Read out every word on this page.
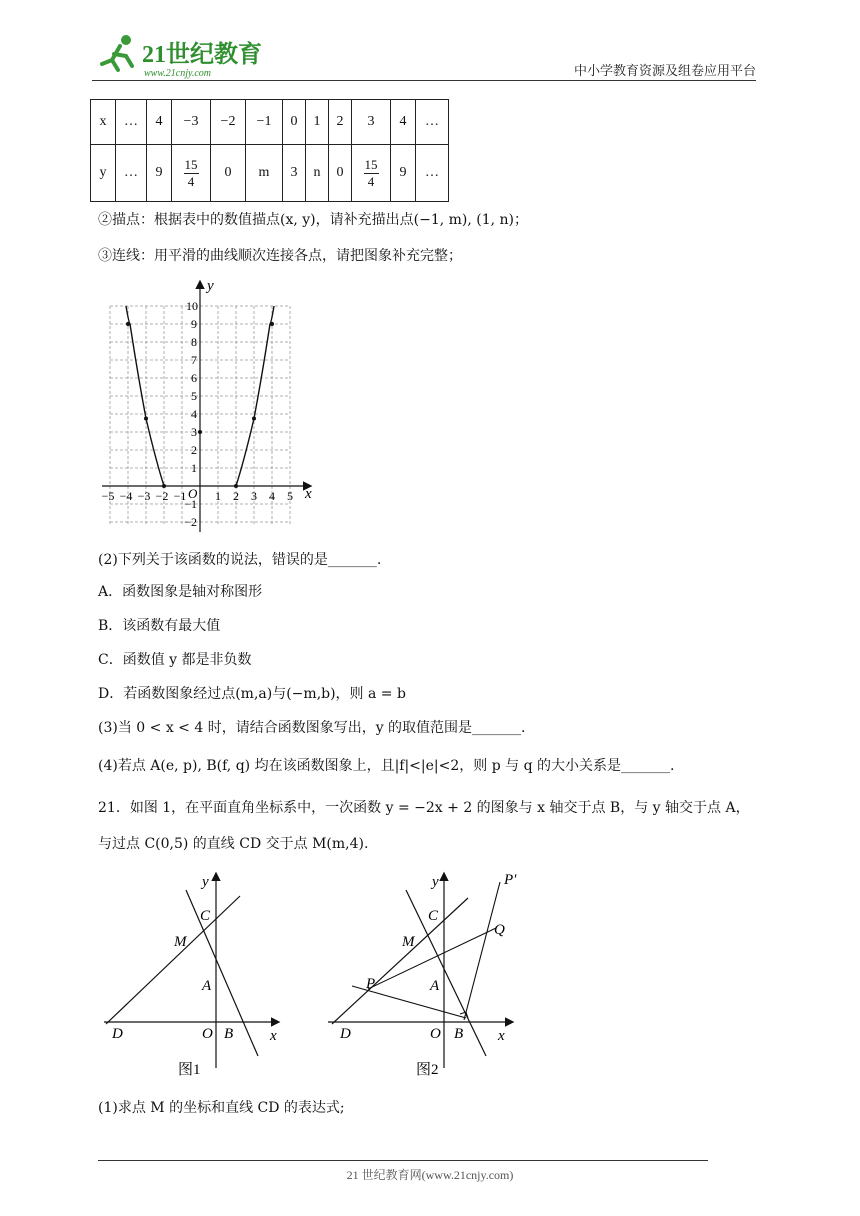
21世纪教育
www.21cnjy.com	中小学教育资源及组卷应用平台
x	…	4	−3	−2	−1	0	1	2	3	4	…
y	…	9	$\frac{15}{4}$	0	m	3	n	0	$\frac{15}{4}$	9	…
②描点：根据表中的数值描点(x, y)，请补充描出点(−1, m), (1, n)；
③连线：用平滑的曲线顺次连接各点，请把图象补充完整；
x
y
O
−5 −4 −3 −2 −1 1 2 3 4 5
10
9
8
7
6
5
4
3
2
1
−1
−2
(2)下列关于该函数的说法，错误的是_______.
A．函数图象是轴对称图形
B．该函数有最大值
C．函数值 y 都是非负数
D．若函数图象经过点(m,a)与(−m,b)，则 a = b
(3)当 0 < x < 4 时，请结合函数图象写出，y 的取值范围是_______.
(4)若点 A(e, p), B(f, q) 均在该函数图象上，且|f|<|e|<2，则 p 与 q 的大小关系是_______.
21．如图 1，在平面直角坐标系中，一次函数 y = −2x + 2 的图象与 x 轴交于点 B，与 y 轴交于点 A，
与过点 C(0,5) 的直线 CD 交于点 M(m,4).
y
C
M
A
D	O B x
图1
y	P′
C
Q
M
P	A
D	O B x
图2
(1)求点 M 的坐标和直线 CD 的表达式;
21 世纪教育网(www.21cnjy.com)
